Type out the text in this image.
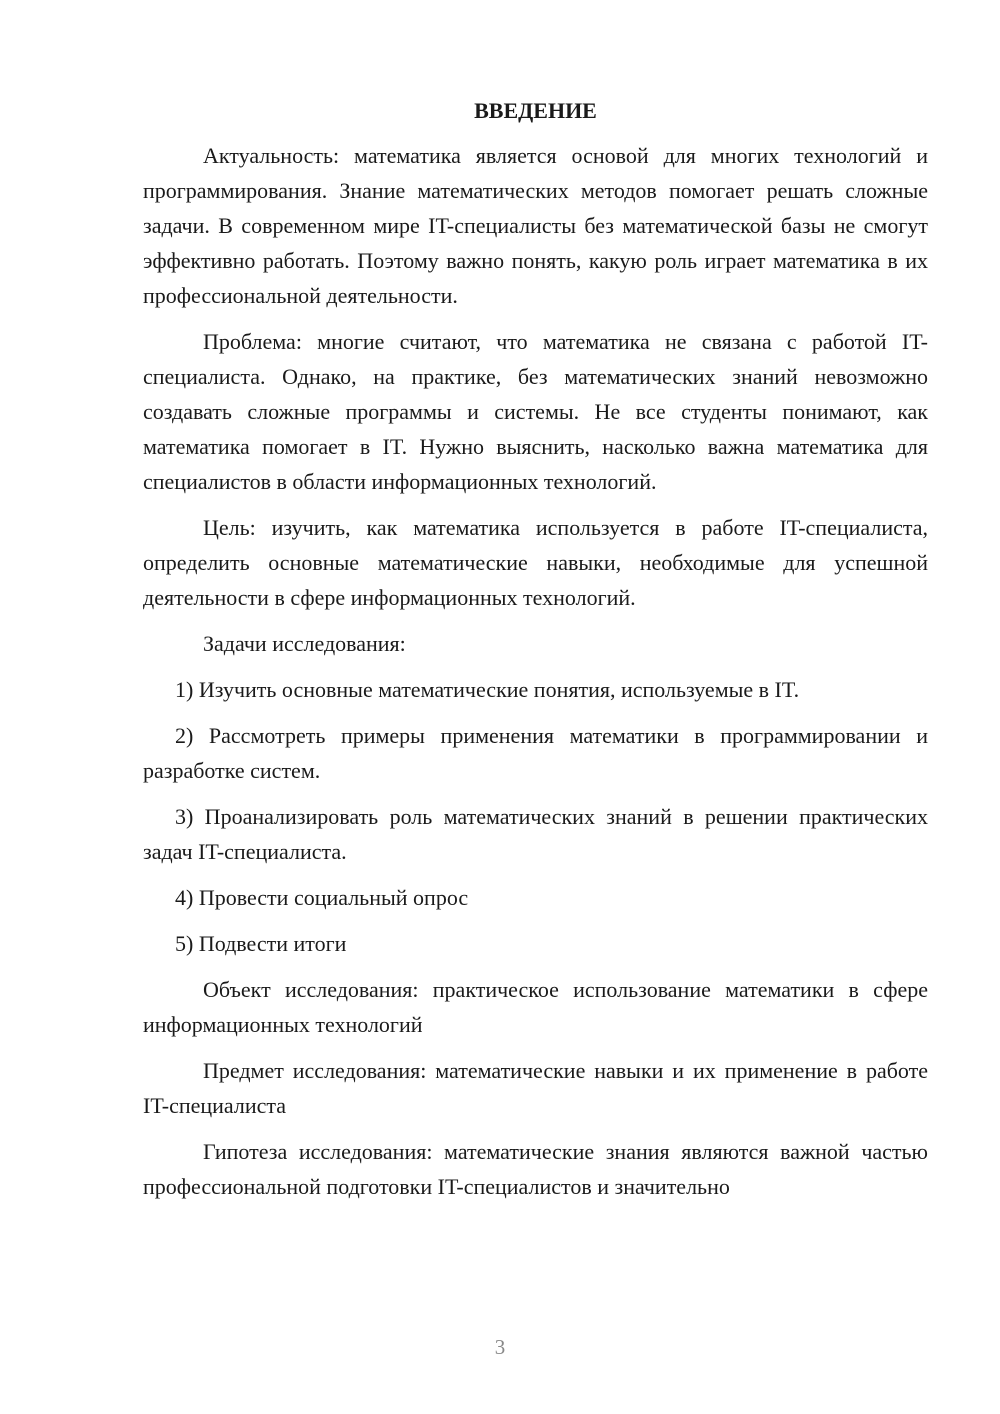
ВВЕДЕНИЕ

Актуальность: математика является основой для многих технологий и программирования. Знание математических методов помогает решать сложные задачи. В современном мире IT-специалисты без математической базы не смогут эффективно работать. Поэтому важно понять, какую роль играет математика в их профессиональной деятельности.

Проблема: многие считают, что математика не связана с работой IT-специалиста. Однако, на практике, без математических знаний невозможно создавать сложные программы и системы. Не все студенты понимают, как математика помогает в IT. Нужно выяснить, насколько важна математика для специалистов в области информационных технологий.

Цель: изучить, как математика используется в работе IT-специалиста, определить основные математические навыки, необходимые для успешной деятельности в сфере информационных технологий.

Задачи исследования:

1) Изучить основные математические понятия, используемые в IT.

2) Рассмотреть примеры применения математики в программировании и разработке систем.

3) Проанализировать роль математических знаний в решении практических задач IT-специалиста.

4) Провести социальный опрос

5) Подвести итоги

Объект исследования: практическое использование математики в сфере информационных технологий

Предмет исследования: математические навыки и их применение в работе IT-специалиста

Гипотеза исследования: математические знания являются важной частью профессиональной подготовки IT-специалистов и значительно

3
